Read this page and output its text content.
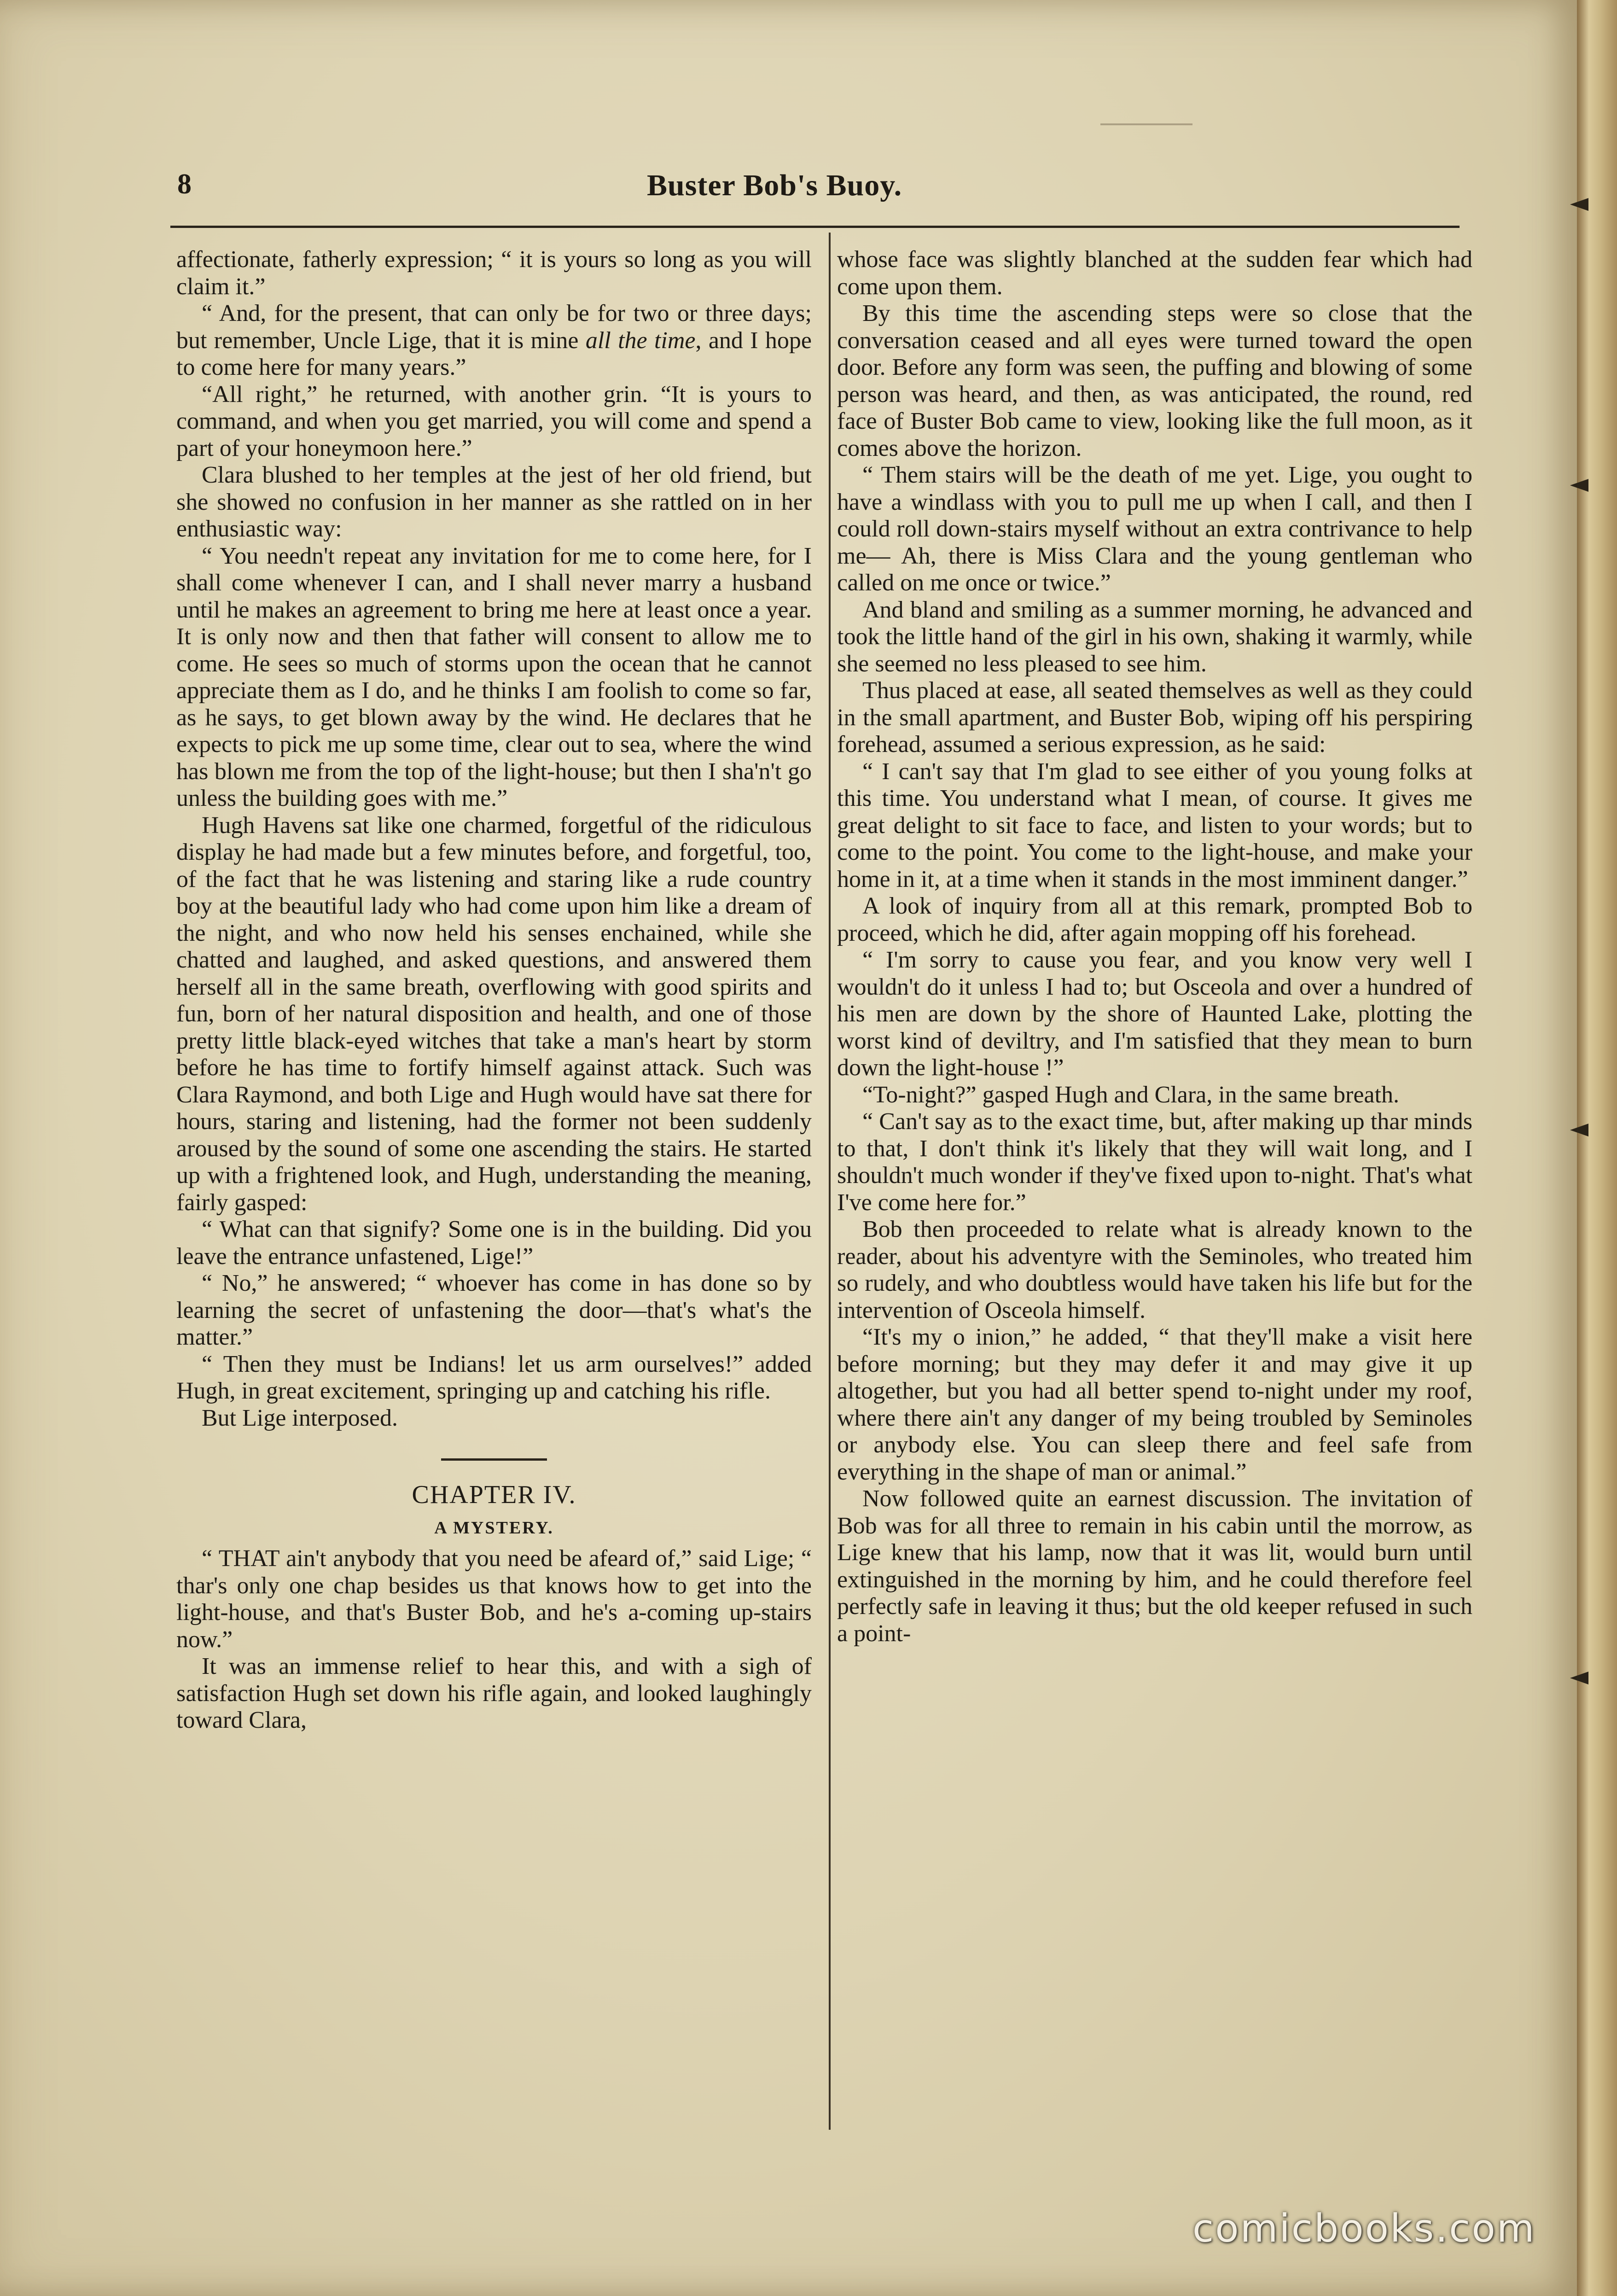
8	Buster Bob's Buoy.

affectionate, fatherly expression; “ it is yours so long as you will claim it.”

“ And, for the present, that can only be for two or three days; but remember, Uncle Lige, that it is mine all the time, and I hope to come here for many years.”

“All right,” he returned, with another grin. “It is yours to command, and when you get married, you will come and spend a part of your honeymoon here.”

Clara blushed to her temples at the jest of her old friend, but she showed no confusion in her manner as she rattled on in her enthusiastic way:

“ You needn't repeat any invitation for me to come here, for I shall come whenever I can, and I shall never marry a husband until he makes an agreement to bring me here at least once a year. It is only now and then that father will consent to allow me to come. He sees so much of storms upon the ocean that he cannot appreciate them as I do, and he thinks I am foolish to come so far, as he says, to get blown away by the wind. He declares that he expects to pick me up some time, clear out to sea, where the wind has blown me from the top of the light-house; but then I sha'n't go unless the building goes with me.”

Hugh Havens sat like one charmed, forgetful of the ridiculous display he had made but a few minutes before, and forgetful, too, of the fact that he was listening and staring like a rude country boy at the beautiful lady who had come upon him like a dream of the night, and who now held his senses enchained, while she chatted and laughed, and asked questions, and answered them herself all in the same breath, overflowing with good spirits and fun, born of her natural disposition and health, and one of those pretty little black-eyed witches that take a man's heart by storm before he has time to fortify himself against attack. Such was Clara Raymond, and both Lige and Hugh would have sat there for hours, staring and listening, had the former not been suddenly aroused by the sound of some one ascending the stairs. He started up with a frightened look, and Hugh, understanding the meaning, fairly gasped:

“ What can that signify? Some one is in the building. Did you leave the entrance unfastened, Lige!”

“ No,” he answered; “ whoever has come in has done so by learning the secret of unfastening the door—that's what's the matter.”

“ Then they must be Indians! let us arm ourselves!” added Hugh, in great excitement, springing up and catching his rifle.

But Lige interposed.

CHAPTER IV.
A MYSTERY.

“ THAT ain't anybody that you need be afeard of,” said Lige; “ thar's only one chap besides us that knows how to get into the light-house, and that's Buster Bob, and he's a-coming up-stairs now.”

It was an immense relief to hear this, and with a sigh of satisfaction Hugh set down his rifle again, and looked laughingly toward Clara,

whose face was slightly blanched at the sudden fear which had come upon them.

By this time the ascending steps were so close that the conversation ceased and all eyes were turned toward the open door. Before any form was seen, the puffing and blowing of some person was heard, and then, as was anticipated, the round, red face of Buster Bob came to view, looking like the full moon, as it comes above the horizon.

“ Them stairs will be the death of me yet. Lige, you ought to have a windlass with you to pull me up when I call, and then I could roll down-stairs myself without an extra contrivance to help me— Ah, there is Miss Clara and the young gentleman who called on me once or twice.”

And bland and smiling as a summer morning, he advanced and took the little hand of the girl in his own, shaking it warmly, while she seemed no less pleased to see him.

Thus placed at ease, all seated themselves as well as they could in the small apartment, and Buster Bob, wiping off his perspiring forehead, assumed a serious expression, as he said:

“ I can't say that I'm glad to see either of you young folks at this time. You understand what I mean, of course. It gives me great delight to sit face to face, and listen to your words; but to come to the point. You come to the light-house, and make your home in it, at a time when it stands in the most imminent danger.”

A look of inquiry from all at this remark, prompted Bob to proceed, which he did, after again mopping off his forehead.

“ I'm sorry to cause you fear, and you know very well I wouldn't do it unless I had to; but Osceola and over a hundred of his men are down by the shore of Haunted Lake, plotting the worst kind of deviltry, and I'm satisfied that they mean to burn down the light-house !”

“To-night?” gasped Hugh and Clara, in the same breath.

“ Can't say as to the exact time, but, after making up thar minds to that, I don't think it's likely that they will wait long, and I shouldn't much wonder if they've fixed upon to-night. That's what I've come here for.”

Bob then proceeded to relate what is already known to the reader, about his adventyre with the Seminoles, who treated him so rudely, and who doubtless would have taken his life but for the intervention of Osceola himself.

“It's my o inion,” he added, “ that they'll make a visit here before morning; but they may defer it and may give it up altogether, but you had all better spend to-night under my roof, where there ain't any danger of my being troubled by Seminoles or anybody else. You can sleep there and feel safe from everything in the shape of man or animal.”

Now followed quite an earnest discussion. The invitation of Bob was for all three to remain in his cabin until the morrow, as Lige knew that his lamp, now that it was lit, would burn until extinguished in the morning by him, and he could therefore feel perfectly safe in leaving it thus; but the old keeper refused in such a point-

comicbooks.com
